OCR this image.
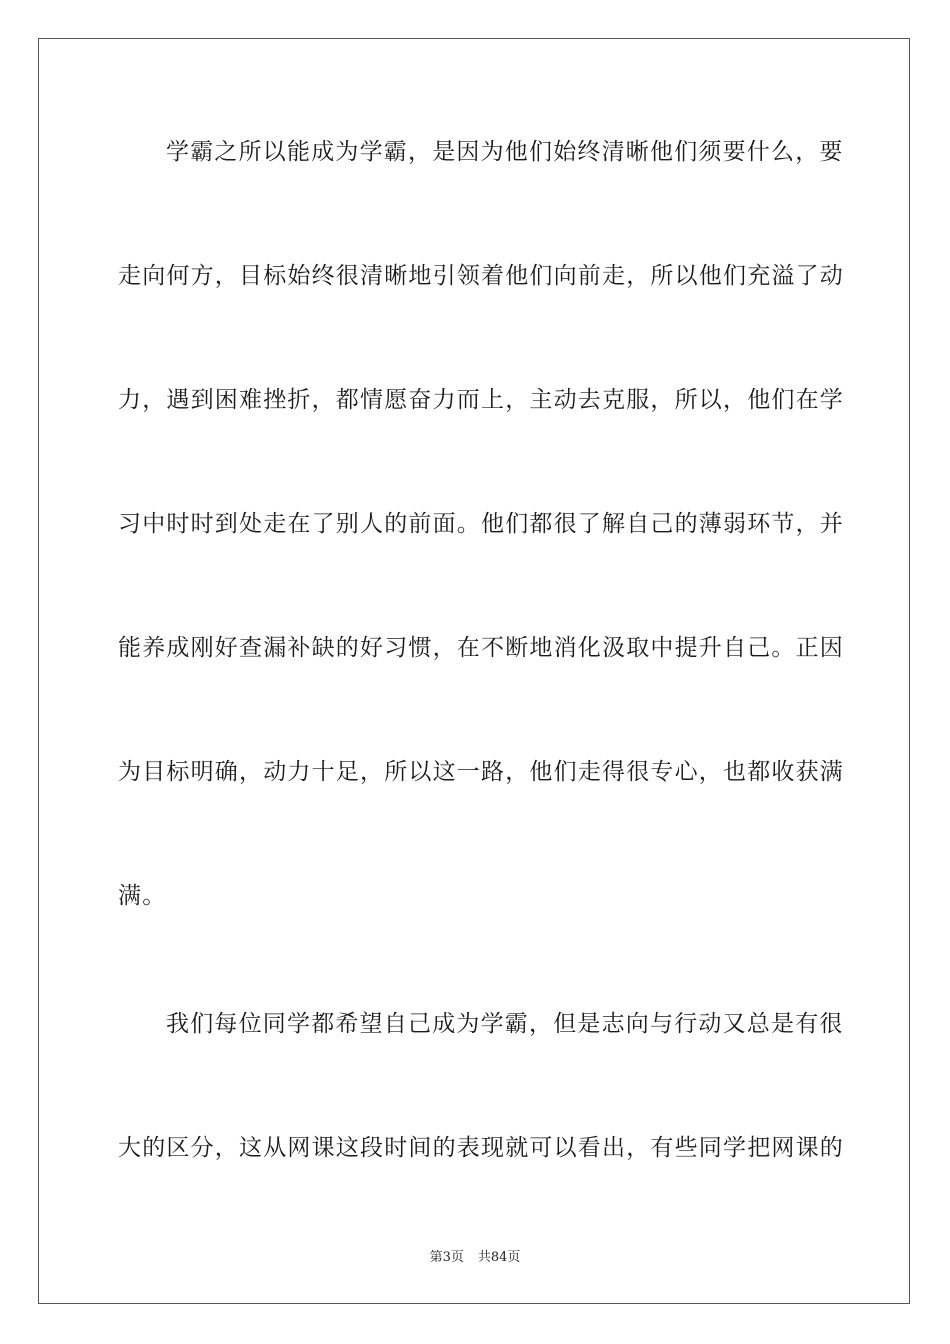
学霸之所以能成为学霸，是因为他们始终清晰他们须要什么，要
走向何方，目标始终很清晰地引领着他们向前走，所以他们充溢了动
力，遇到困难挫折，都情愿奋力而上，主动去克服，所以，他们在学
习中时时到处走在了别人的前面。他们都很了解自己的薄弱环节，并
能养成刚好查漏补缺的好习惯，在不断地消化汲取中提升自己。正因
为目标明确，动力十足，所以这一路，他们走得很专心，也都收获满
满。
我们每位同学都希望自己成为学霸，但是志向与行动又总是有很
大的区分，这从网课这段时间的表现就可以看出，有些同学把网课的
第3页 共84页
